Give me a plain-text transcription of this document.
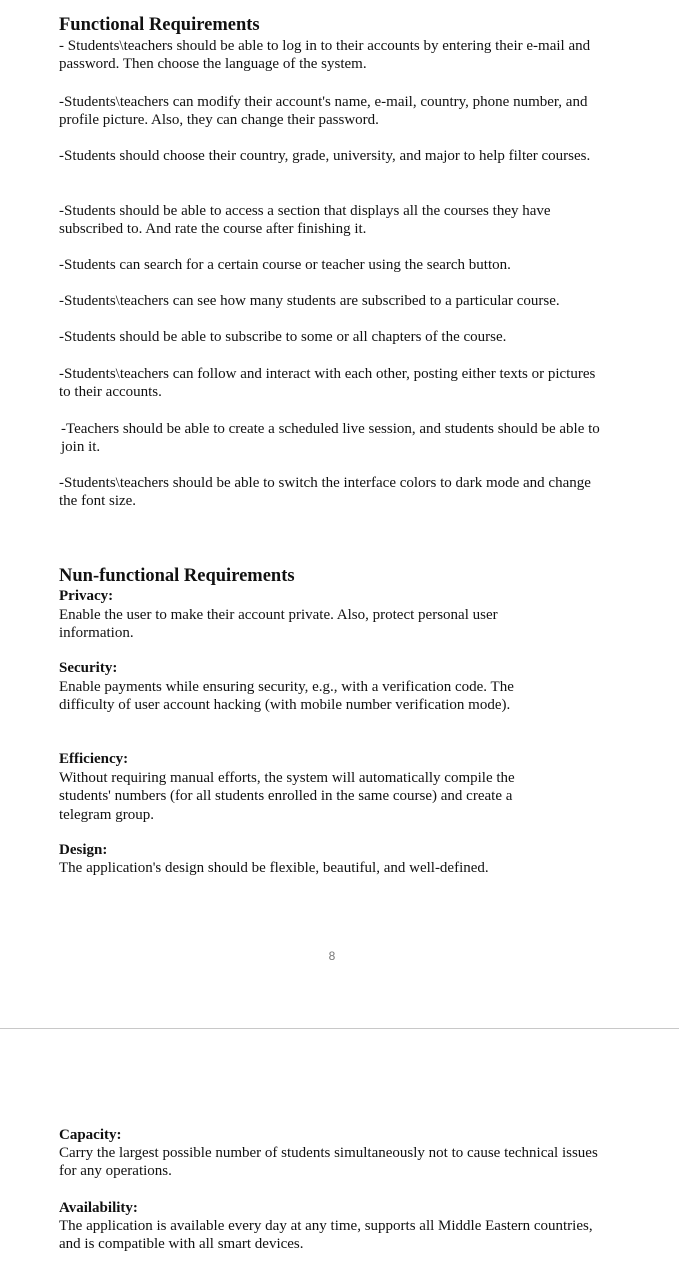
Functional Requirements

- Students\teachers should be able to log in to their accounts by entering their e-mail and password. Then choose the language of the system.

-Students\teachers can modify their account's name, e-mail, country, phone number, and profile picture. Also, they can change their password.

-Students should choose their country, grade, university, and major to help filter courses.

-Students should be able to access a section that displays all the courses they have subscribed to. And rate the course after finishing it.

-Students can search for a certain course or teacher using the search button.

-Students\teachers can see how many students are subscribed to a particular course.

-Students should be able to subscribe to some or all chapters of the course.

-Students\teachers can follow and interact with each other, posting either texts or pictures to their accounts.

-Teachers should be able to create a scheduled live session, and students should be able to join it.

-Students\teachers should be able to switch the interface colors to dark mode and change the font size.

Nun-functional Requirements

Privacy:

Enable the user to make their account private. Also, protect personal user information.

Security:

Enable payments while ensuring security, e.g., with a verification code. The difficulty of user account hacking (with mobile number verification mode).

Efficiency:

Without requiring manual efforts, the system will automatically compile the students' numbers (for all students enrolled in the same course) and create a telegram group.

Design:

The application's design should be flexible, beautiful, and well-defined.

8

Capacity:

Carry the largest possible number of students simultaneously not to cause technical issues for any operations.

Availability:

The application is available every day at any time, supports all Middle Eastern countries, and is compatible with all smart devices.
